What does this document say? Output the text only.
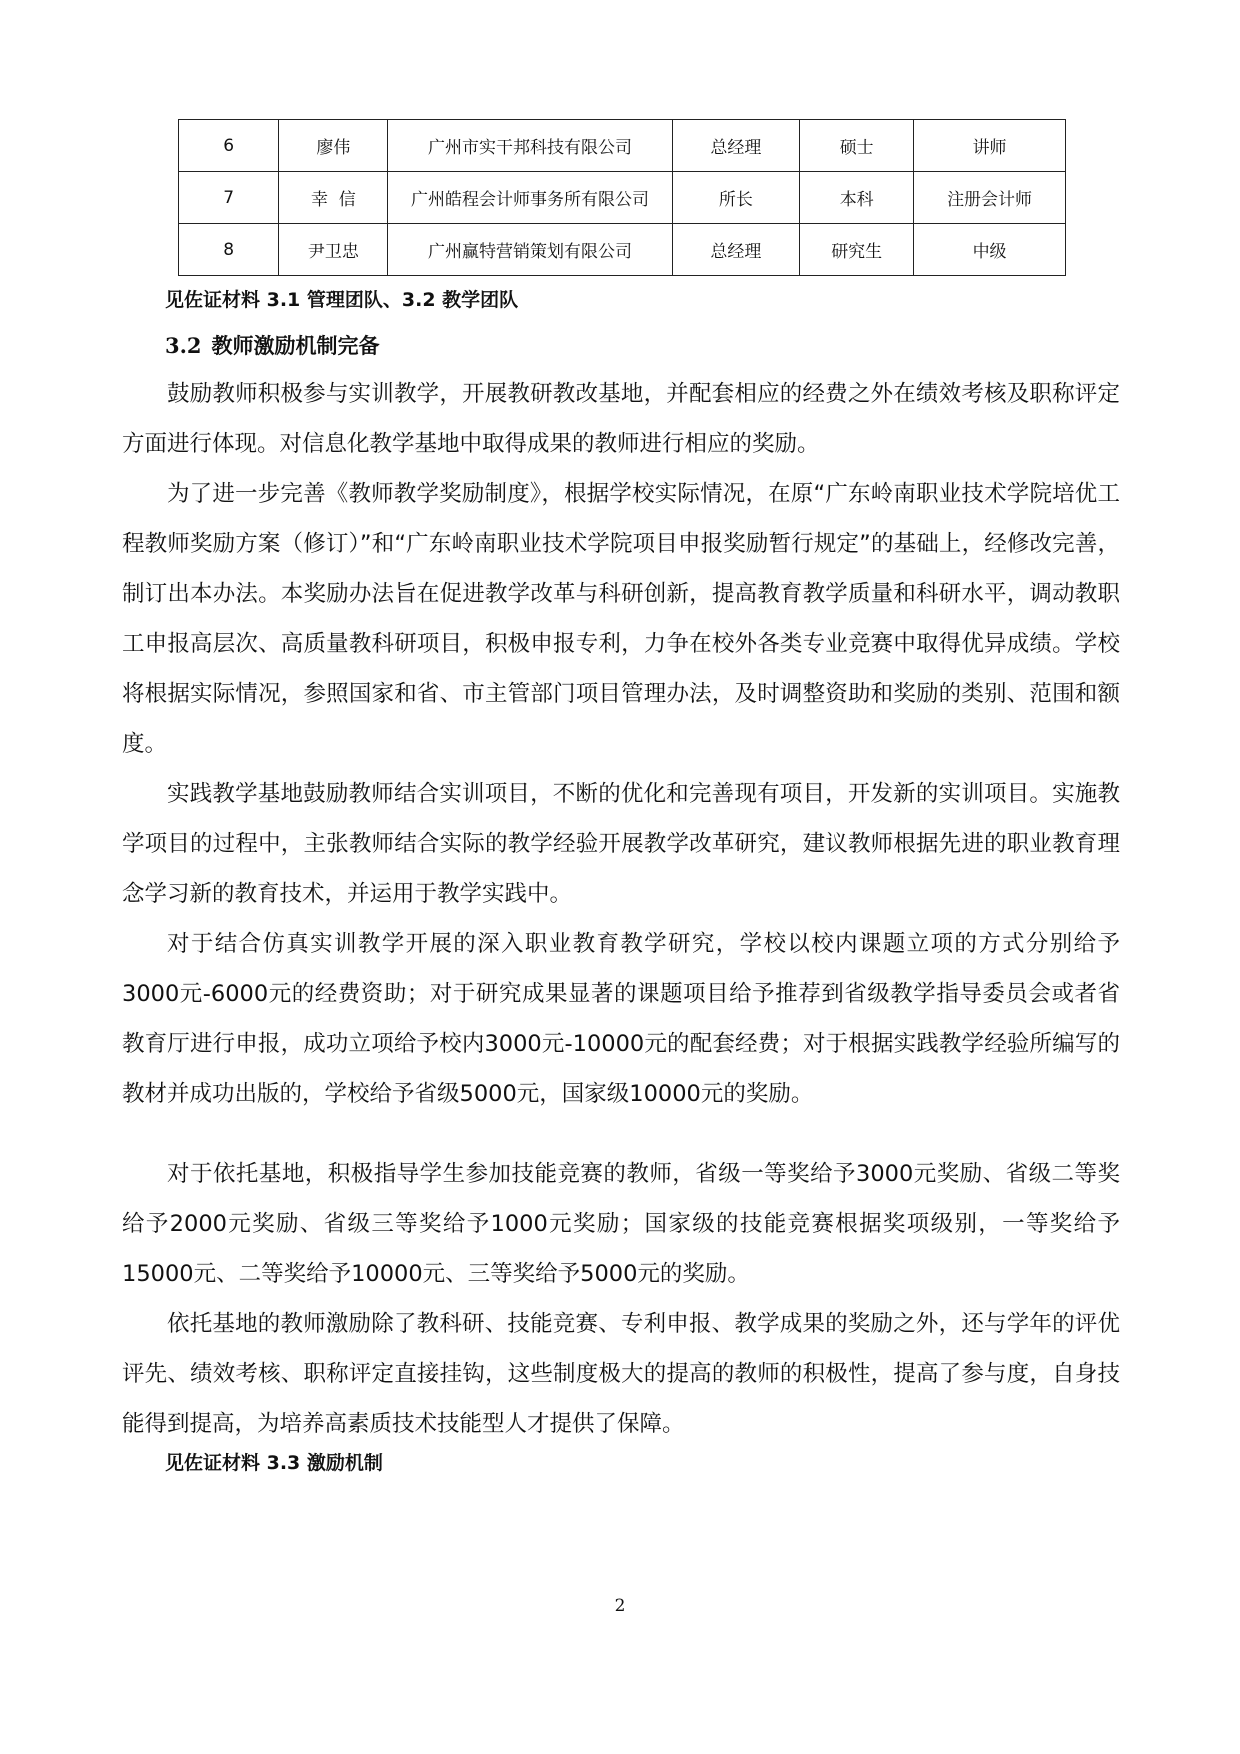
6	廖伟	广州市实干邦科技有限公司	总经理	硕士	讲师
7	幸  信	广州皓程会计师事务所有限公司	所长	本科	注册会计师
8	尹卫忠	广州赢特营销策划有限公司	总经理	研究生	中级
见佐证材料 3.1 管理团队、3.2 教学团队
3.2 教师激励机制完备

鼓励教师积极参与实训教学，开展教研教改基地，并配套相应的经费之外在绩效考核及职称评定方面进行体现。对信息化教学基地中取得成果的教师进行相应的奖励。

为了进一步完善《教师教学奖励制度》，根据学校实际情况，在原“广东岭南职业技术学院培优工程教师奖励方案（修订）”和“广东岭南职业技术学院项目申报奖励暂行规定”的基础上，经修改完善，制订出本办法。本奖励办法旨在促进教学改革与科研创新，提高教育教学质量和科研水平，调动教职工申报高层次、高质量教科研项目，积极申报专利，力争在校外各类专业竞赛中取得优异成绩。学校将根据实际情况，参照国家和省、市主管部门项目管理办法，及时调整资助和奖励的类别、范围和额度。

实践教学基地鼓励教师结合实训项目，不断的优化和完善现有项目，开发新的实训项目。实施教学项目的过程中，主张教师结合实际的教学经验开展教学改革研究，建议教师根据先进的职业教育理念学习新的教育技术，并运用于教学实践中。

对于结合仿真实训教学开展的深入职业教育教学研究，学校以校内课题立项的方式分别给予3000元-6000元的经费资助；对于研究成果显著的课题项目给予推荐到省级教学指导委员会或者省教育厅进行申报，成功立项给予校内3000元-10000元的配套经费；对于根据实践教学经验所编写的教材并成功出版的，学校给予省级5000元，国家级10000元的奖励。

对于依托基地，积极指导学生参加技能竞赛的教师，省级一等奖给予3000元奖励、省级二等奖给予2000元奖励、省级三等奖给予1000元奖励；国家级的技能竞赛根据奖项级别，一等奖给予15000元、二等奖给予10000元、三等奖给予5000元的奖励。

依托基地的教师激励除了教科研、技能竞赛、专利申报、教学成果的奖励之外，还与学年的评优评先、绩效考核、职称评定直接挂钩，这些制度极大的提高的教师的积极性，提高了参与度，自身技能得到提高，为培养高素质技术技能型人才提供了保障。

见佐证材料 3.3 激励机制
2
